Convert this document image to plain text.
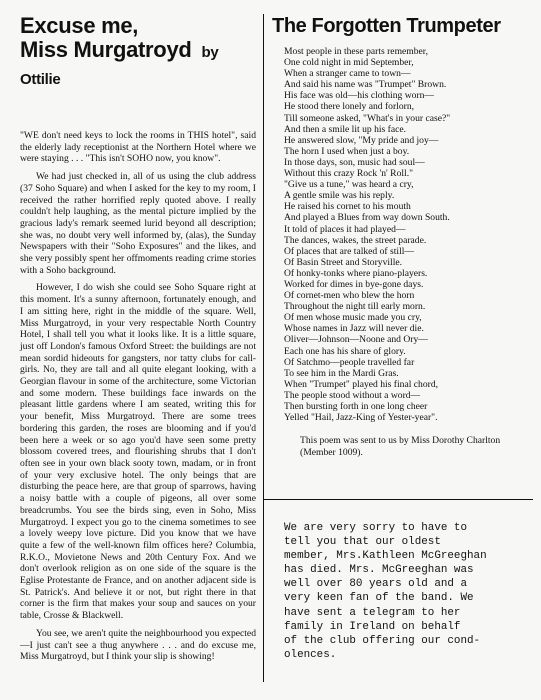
Excuse me,
Miss Murgatroyd by Ottilie

"WE don't need keys to lock the rooms in THIS hotel", said the elderly lady receptionist at the Northern Hotel where we were staying . . . "This isn't SOHO now, you know".

We had just checked in, all of us using the club address (37 Soho Square) and when I asked for the key to my room, I received the rather horrified reply quoted above. I really couldn't help laughing, as the mental picture implied by the gracious lady's remark seemed lurid beyond all description; she was, no doubt very well informed by, (alas), the Sunday Newspapers with their "Soho Exposures" and the likes, and she very possibly spent her offmoments reading crime stories with a Soho background.

However, I do wish she could see Soho Square right at this moment. It's a sunny afternoon, fortunately enough, and I am sitting here, right in the middle of the square. Well, Miss Murgatroyd, in your very respectable North Country Hotel, I shall tell you what it looks like. It is a little square, just off London's famous Oxford Street: the buildings are not mean sordid hideouts for gangsters, nor tatty clubs for call-girls. No, they are tall and all quite elegant looking, with a Georgian flavour in some of the architecture, some Victorian and some modern. These buildings face inwards on the pleasant little gardens where I am seated, writing this for your benefit, Miss Murgatroyd. There are some trees bordering this garden, the roses are blooming and if you'd been here a week or so ago you'd have seen some pretty blossom covered trees, and flourishing shrubs that I don't often see in your own black sooty town, madam, or in front of your very exclusive hotel. The only beings that are disturbing the peace here, are that group of sparrows, having a noisy battle with a couple of pigeons, all over some breadcrumbs. You see the birds sing, even in Soho, Miss Murgatroyd. I expect you go to the cinema sometimes to see a lovely weepy love picture. Did you know that we have quite a few of the well-known film offices here? Columbia, R.K.O., Movietone News and 20th Century Fox. And we don't overlook religion as on one side of the square is the Eglise Protestante de France, and on another adjacent side is St. Patrick's. And believe it or not, but right there in that corner is the firm that makes your soup and sauces on your table, Crosse & Blackwell.

You see, we aren't quite the neighbourhood you expected—I just can't see a thug anywhere . . . and do excuse me, Miss Murgatroyd, but I think your slip is showing!

The Forgotten Trumpeter
Most people in these parts remember,
One cold night in mid September,
When a stranger came to town—
And said his name was "Trumpet" Brown.
His face was old—his clothing worn—
He stood there lonely and forlorn,
Till someone asked, "What's in your case?"
And then a smile lit up his face.
He answered slow, "My pride and joy—
The horn I used when just a boy.
In those days, son, music had soul—
Without this crazy Rock 'n' Roll."
"Give us a tune," was heard a cry,
A gentle smile was his reply.
He raised his cornet to his mouth
And played a Blues from way down South.
It told of places it had played—
The dances, wakes, the street parade.
Of places that are talked of still—
Of Basin Street and Storyville.
Of honky-tonks where piano-players.
Worked for dimes in bye-gone days.
Of cornet-men who blew the horn
Throughout the night till early morn.
Of men whose music made you cry,
Whose names in Jazz will never die.
Oliver—Johnson—Noone and Ory—
Each one has his share of glory.
Of Satchmo—people travelled far
To see him in the Mardi Gras.
When "Trumpet" played his final chord,
The people stood without a word—
Then bursting forth in one long cheer
Yelled "Hail, Jazz-King of Yester-year".

This poem was sent to us by Miss Dorothy Charlton (Member 1009).

We are very sorry to have to
tell you that our oldest
member, Mrs.Kathleen McGreeghan
has died. Mrs. McGreeghan was
well over 80 years old and a
very keen fan of the band. We
have sent a telegram to her
family in Ireland on behalf
of the club offering our cond-
olences.
